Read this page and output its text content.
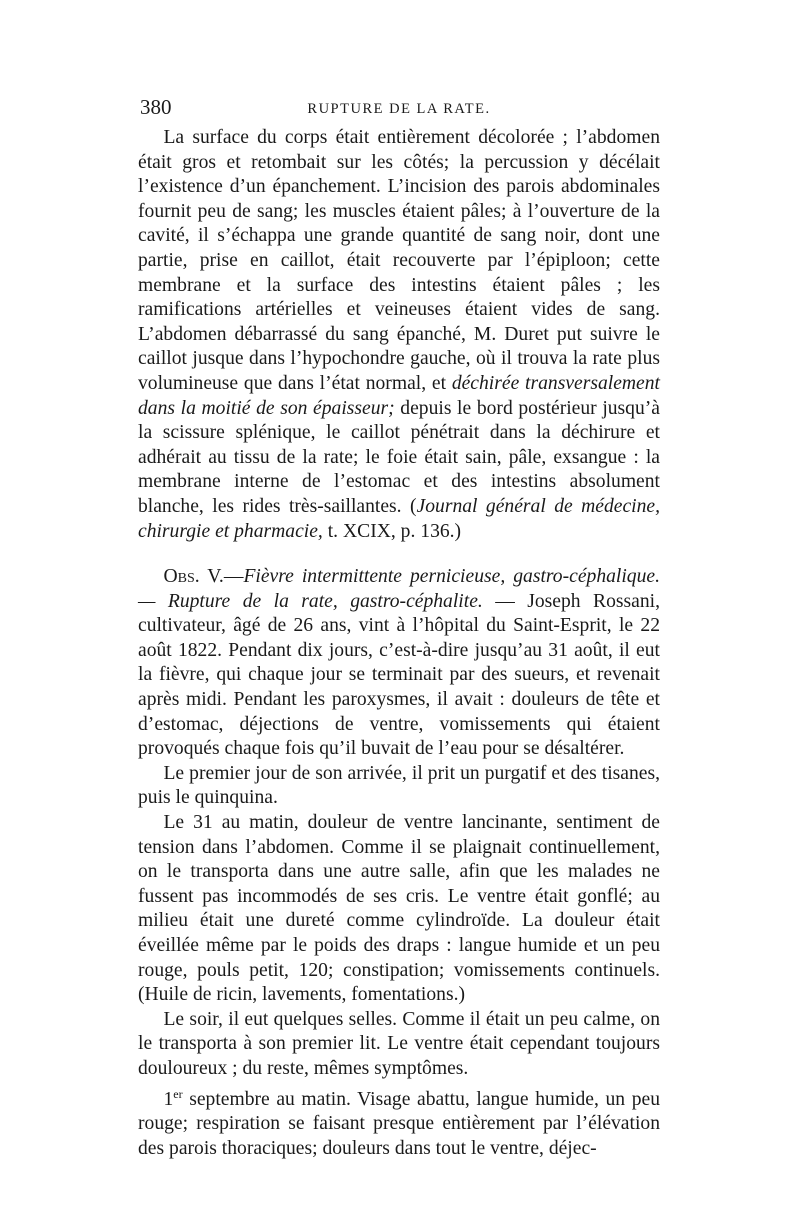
380	RUPTURE DE LA RATE.

La surface du corps était entièrement décolorée ; l’abdomen était gros et retombait sur les côtés; la percussion y décélait l’existence d’un épanchement. L’incision des parois abdominales fournit peu de sang; les muscles étaient pâles; à l’ouverture de la cavité, il s’échappa une grande quantité de sang noir, dont une partie, prise en caillot, était recouverte par l’épiploon; cette membrane et la surface des intestins étaient pâles ; les ramifications artérielles et veineuses étaient vides de sang. L’abdomen débarrassé du sang épanché, M. Duret put suivre le caillot jusque dans l’hypochondre gauche, où il trouva la rate plus volumineuse que dans l’état normal, et déchirée transversalement dans la moitié de son épaisseur; depuis le bord postérieur jusqu’à la scissure splénique, le caillot pénétrait dans la déchirure et adhérait au tissu de la rate; le foie était sain, pâle, exsangue : la membrane interne de l’estomac et des intestins absolument blanche, les rides très-saillantes. (Journal général de médecine, chirurgie et pharmacie, t. XCIX, p. 136.)

Obs. V.—Fièvre intermittente pernicieuse, gastro-céphalique.— Rupture de la rate, gastro-céphalite. — Joseph Rossani, cultivateur, âgé de 26 ans, vint à l’hôpital du Saint-Esprit, le 22 août 1822. Pendant dix jours, c’est-à-dire jusqu’au 31 août, il eut la fièvre, qui chaque jour se terminait par des sueurs, et revenait après midi. Pendant les paroxysmes, il avait : douleurs de tête et d’estomac, déjections de ventre, vomissements qui étaient provoqués chaque fois qu’il buvait de l’eau pour se désaltérer.

Le premier jour de son arrivée, il prit un purgatif et des tisanes, puis le quinquina.

Le 31 au matin, douleur de ventre lancinante, sentiment de tension dans l’abdomen. Comme il se plaignait continuellement, on le transporta dans une autre salle, afin que les malades ne fussent pas incommodés de ses cris. Le ventre était gonflé; au milieu était une dureté comme cylindroïde. La douleur était éveillée même par le poids des draps : langue humide et un peu rouge, pouls petit, 120; constipation; vomissements continuels. (Huile de ricin, lavements, fomentations.)

Le soir, il eut quelques selles. Comme il était un peu calme, on le transporta à son premier lit. Le ventre était cependant toujours douloureux ; du reste, mêmes symptômes.

1er septembre au matin. Visage abattu, langue humide, un peu rouge; respiration se faisant presque entièrement par l’élévation des parois thoraciques; douleurs dans tout le ventre, déjec-
